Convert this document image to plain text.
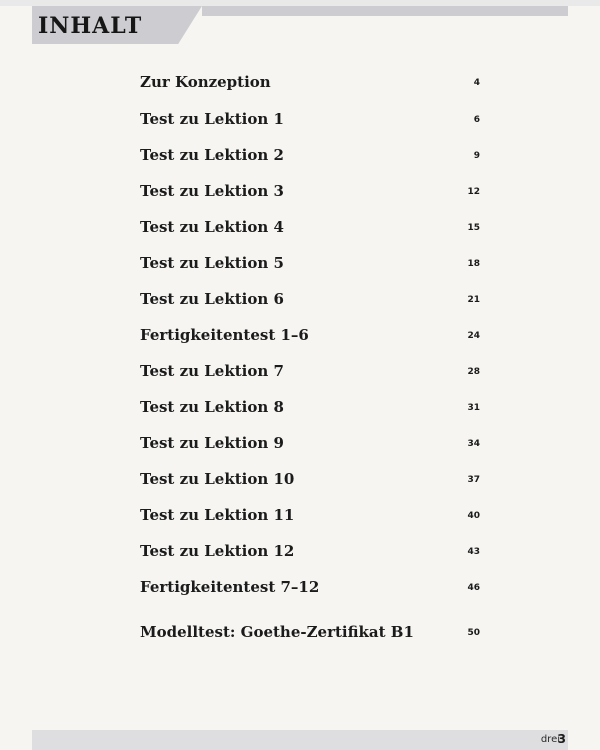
INHALT
Zur Konzeption	4
Test zu Lektion 1	6
Test zu Lektion 2	9
Test zu Lektion 3	12
Test zu Lektion 4	15
Test zu Lektion 5	18
Test zu Lektion 6	21
Fertigkeitentest 1–6	24
Test zu Lektion 7	28
Test zu Lektion 8	31
Test zu Lektion 9	34
Test zu Lektion 10	37
Test zu Lektion 11	40
Test zu Lektion 12	43
Fertigkeitentest 7–12	46
Modelltest: Goethe-Zertifikat B1	50
drei
3
